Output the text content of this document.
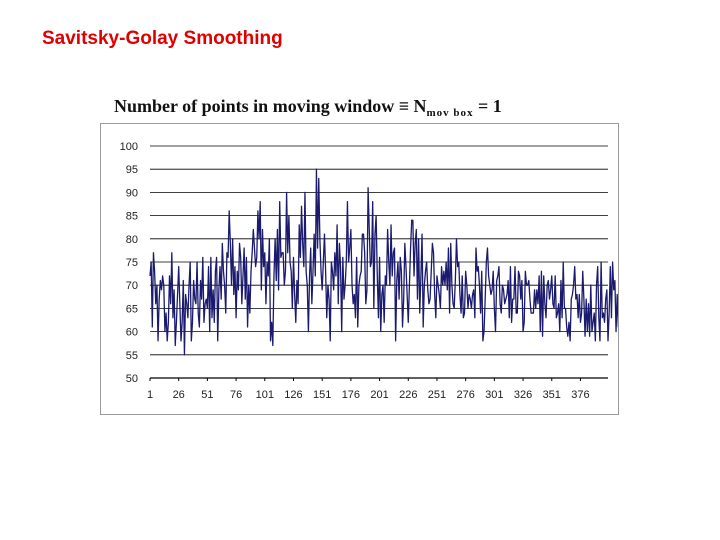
Savitsky-Golay Smoothing
Number of points in moving window ≡ $N_{mov box} = 1$
100
95
90
85
80
75
70
65
60
55
50
1 26 51 76 101 126 151 176 201 226 251 276 301 326 351 376
